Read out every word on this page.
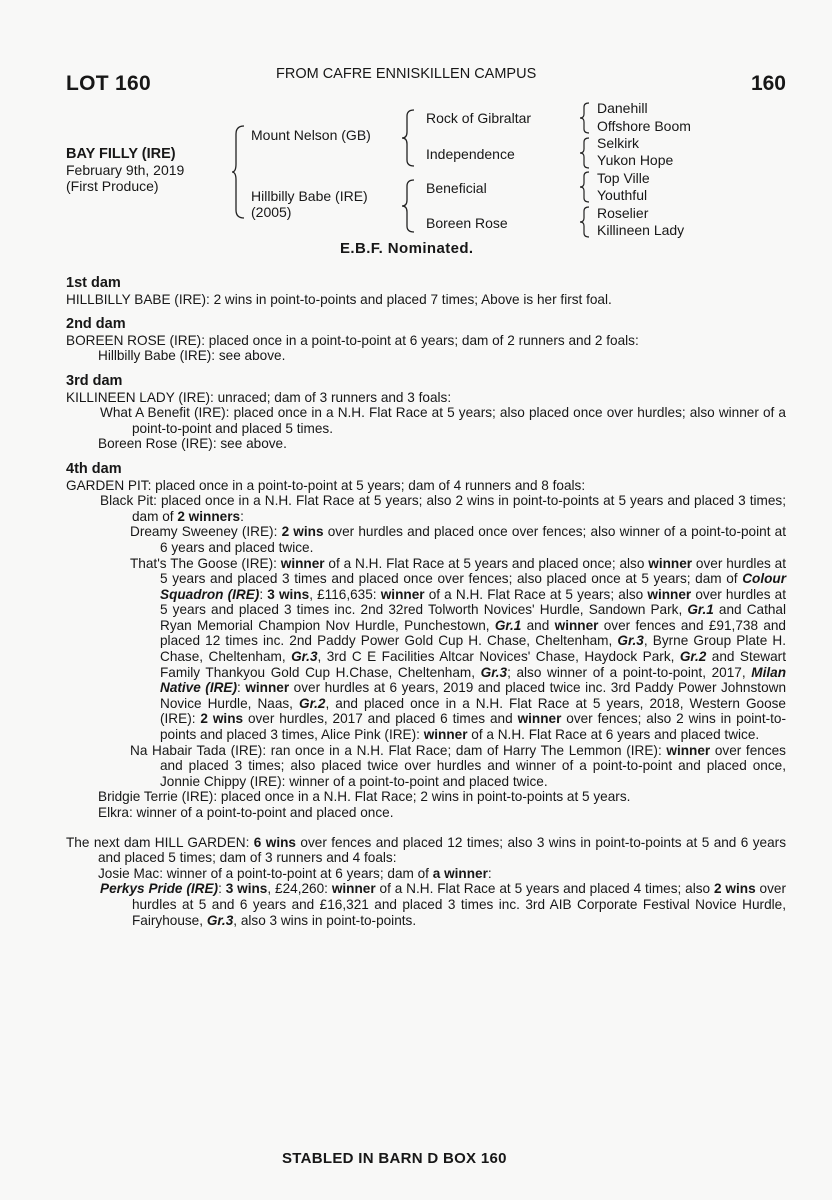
LOT 160	FROM CAFRE ENNISKILLEN CAMPUS	160
BAY FILLY (IRE)
February 9th, 2019
(First Produce)
Mount Nelson (GB)
Hillbilly Babe (IRE)
(2005)
Rock of Gibraltar
Independence
Beneficial
Boreen Rose
Danehill
Offshore Boom
Selkirk
Yukon Hope
Top Ville
Youthful
Roselier
Killineen Lady
E.B.F. Nominated.

1st dam

HILLBILLY BABE (IRE): 2 wins in point-to-points and placed 7 times; Above is her first foal.

2nd dam

BOREEN ROSE (IRE): placed once in a point-to-point at 6 years; dam of 2 runners and 2 foals:

Hillbilly Babe (IRE): see above.

3rd dam

KILLINEEN LADY (IRE): unraced; dam of 3 runners and 3 foals:

What A Benefit (IRE): placed once in a N.H. Flat Race at 5 years; also placed once over hurdles; also winner of a point-to-point and placed 5 times.

Boreen Rose (IRE): see above.

4th dam

GARDEN PIT: placed once in a point-to-point at 5 years; dam of 4 runners and 8 foals:

Black Pit: placed once in a N.H. Flat Race at 5 years; also 2 wins in point-to-points at 5 years and placed 3 times; dam of 2 winners:

Dreamy Sweeney (IRE): 2 wins over hurdles and placed once over fences; also winner of a point-to-point at 6 years and placed twice.

That's The Goose (IRE): winner of a N.H. Flat Race at 5 years and placed once; also winner over hurdles at 5 years and placed 3 times and placed once over fences; also placed once at 5 years; dam of Colour Squadron (IRE): 3 wins, £116,635: winner of a N.H. Flat Race at 5 years; also winner over hurdles at 5 years and placed 3 times inc. 2nd 32red Tolworth Novices' Hurdle, Sandown Park, Gr.1 and Cathal Ryan Memorial Champion Nov Hurdle, Punchestown, Gr.1 and winner over fences and £91,738 and placed 12 times inc. 2nd Paddy Power Gold Cup H. Chase, Cheltenham, Gr.3, Byrne Group Plate H. Chase, Cheltenham, Gr.3, 3rd C E Facilities Altcar Novices' Chase, Haydock Park, Gr.2 and Stewart Family Thankyou Gold Cup H.Chase, Cheltenham, Gr.3; also winner of a point-to-point, 2017, Milan Native (IRE): winner over hurdles at 6 years, 2019 and placed twice inc. 3rd Paddy Power Johnstown Novice Hurdle, Naas, Gr.2, and placed once in a N.H. Flat Race at 5 years, 2018, Western Goose (IRE): 2 wins over hurdles, 2017 and placed 6 times and winner over fences; also 2 wins in point-to-points and placed 3 times, Alice Pink (IRE): winner of a N.H. Flat Race at 6 years and placed twice.

Na Habair Tada (IRE): ran once in a N.H. Flat Race; dam of Harry The Lemmon (IRE): winner over fences and placed 3 times; also placed twice over hurdles and winner of a point-to-point and placed once, Jonnie Chippy (IRE): winner of a point-to-point and placed twice.

Bridgie Terrie (IRE): placed once in a N.H. Flat Race; 2 wins in point-to-points at 5 years.

Elkra: winner of a point-to-point and placed once.

The next dam HILL GARDEN: 6 wins over fences and placed 12 times; also 3 wins in point-to-points at 5 and 6 years and placed 5 times; dam of 3 runners and 4 foals:

Josie Mac: winner of a point-to-point at 6 years; dam of a winner:

Perkys Pride (IRE): 3 wins, £24,260: winner of a N.H. Flat Race at 5 years and placed 4 times; also 2 wins over hurdles at 5 and 6 years and £16,321 and placed 3 times inc. 3rd AIB Corporate Festival Novice Hurdle, Fairyhouse, Gr.3, also 3 wins in point-to-points.

STABLED IN BARN D BOX 160
